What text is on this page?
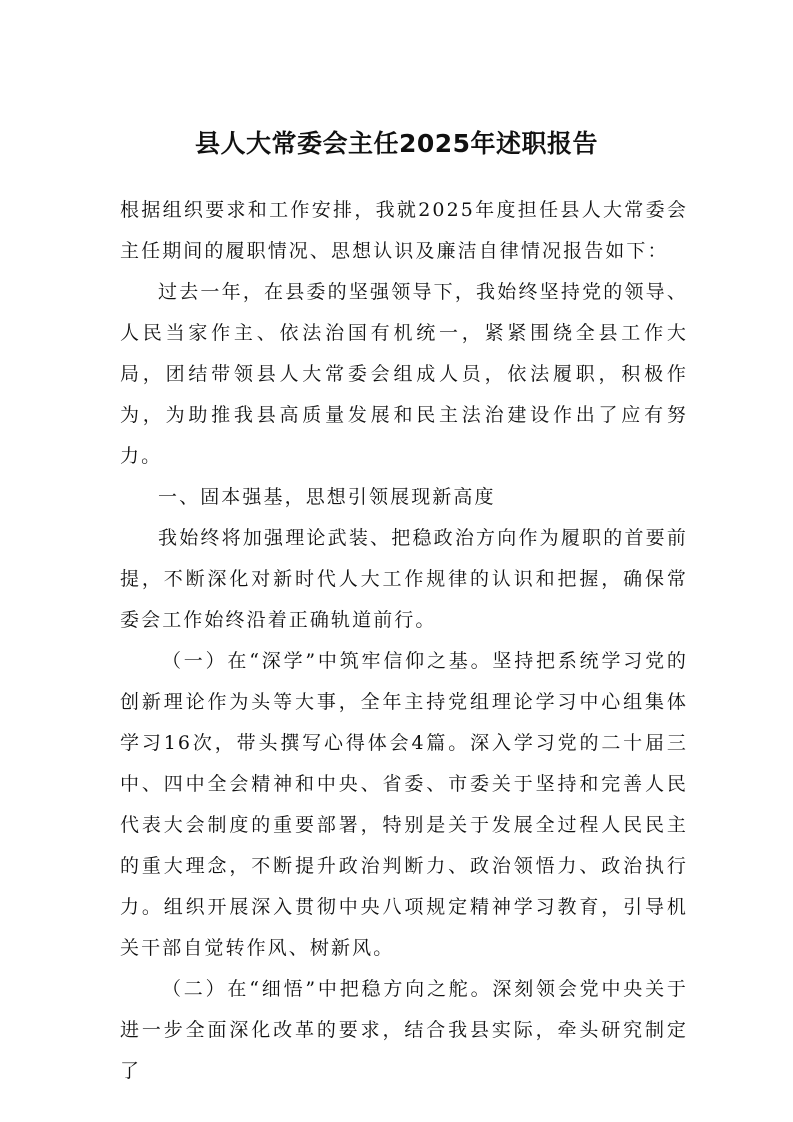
县人大常委会主任2025年述职报告

根据组织要求和工作安排，我就2025年度担任县人大常委会主任期间的履职情况、思想认识及廉洁自律情况报告如下：

过去一年，在县委的坚强领导下，我始终坚持党的领导、人民当家作主、依法治国有机统一，紧紧围绕全县工作大局，团结带领县人大常委会组成人员，依法履职，积极作为，为助推我县高质量发展和民主法治建设作出了应有努力。

一、固本强基，思想引领展现新高度

我始终将加强理论武装、把稳政治方向作为履职的首要前提，不断深化对新时代人大工作规律的认识和把握，确保常委会工作始终沿着正确轨道前行。

（一）在“深学”中筑牢信仰之基。坚持把系统学习党的创新理论作为头等大事，全年主持党组理论学习中心组集体学习16次，带头撰写心得体会4篇。深入学习党的二十届三中、四中全会精神和中央、省委、市委关于坚持和完善人民代表大会制度的重要部署，特别是关于发展全过程人民民主的重大理念，不断提升政治判断力、政治领悟力、政治执行力。组织开展深入贯彻中央八项规定精神学习教育，引导机关干部自觉转作风、树新风。

（二）在“细悟”中把稳方向之舵。深刻领会党中央关于进一步全面深化改革的要求，结合我县实际，牵头研究制定了
